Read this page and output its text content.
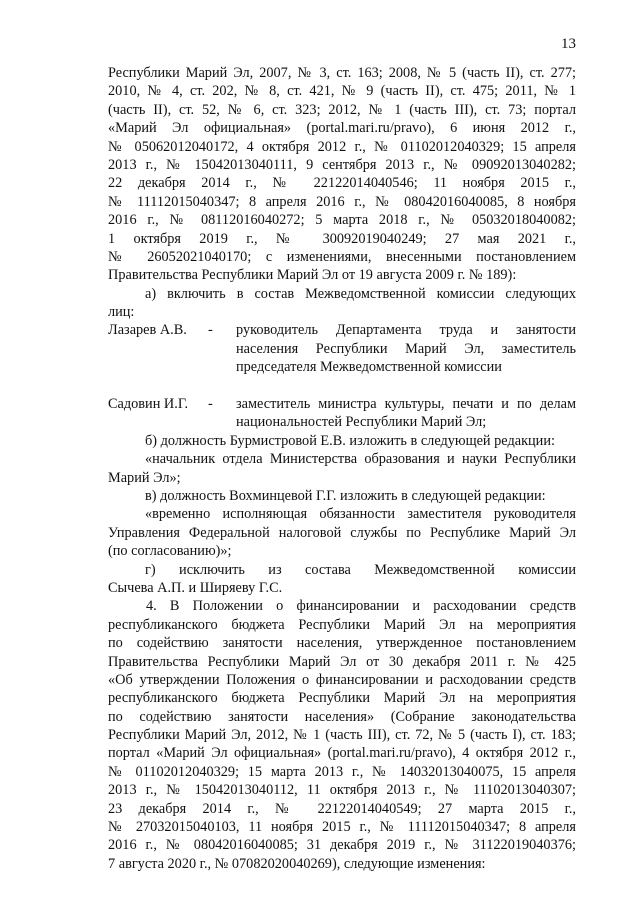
13
Республики Марий Эл, 2007, № 3, ст. 163; 2008, № 5 (часть II), ст. 277;
2010, № 4, ст. 202, № 8, ст. 421, № 9 (часть II), ст. 475; 2011, № 1
(часть II), ст. 52, № 6, ст. 323; 2012, № 1 (часть III), ст. 73; портал
«Марий Эл официальная» (portal.mari.ru/pravo), 6 июня 2012 г.,
№ 05062012040172, 4 октября 2012 г., № 01102012040329; 15 апреля
2013 г., № 15042013040111, 9 сентября 2013 г., № 09092013040282;
22 декабря 2014 г., № 22122014040546; 11 ноября 2015 г.,
№ 11112015040347; 8 апреля 2016 г., № 08042016040085, 8 ноября
2016 г., № 08112016040272; 5 марта 2018 г., № 05032018040082;
1 октября 2019 г., № 30092019040249; 27 мая 2021 г.,
№ 26052021040170; с изменениями, внесенными постановлением
Правительства Республики Марий Эл от 19 августа 2009 г. № 189):
а) включить в состав Межведомственной комиссии следующих
лиц:
Лазарев А.В.	-	руководитель Департамента труда и занятости
населения Республики Марий Эл, заместитель
председателя Межведомственной комиссии
Садовин И.Г.	-	заместитель министра культуры, печати и по делам
национальностей Республики Марий Эл;
б) должность Бурмистровой Е.В. изложить в следующей редакции:
«начальник отдела Министерства образования и науки Республики
Марий Эл»;
в) должность Вохминцевой Г.Г. изложить в следующей редакции:
«временно исполняющая обязанности заместителя руководителя
Управления Федеральной налоговой службы по Республике Марий Эл
(по согласованию)»;
г) исключить из состава Межведомственной комиссии
Сычева А.П. и Ширяеву Г.С.
4. В Положении о финансировании и расходовании средств
республиканского бюджета Республики Марий Эл на мероприятия
по содействию занятости населения, утвержденное постановлением
Правительства Республики Марий Эл от 30 декабря 2011 г. № 425
«Об утверждении Положения о финансировании и расходовании средств
республиканского бюджета Республики Марий Эл на мероприятия
по содействию занятости населения» (Собрание законодательства
Республики Марий Эл, 2012, № 1 (часть III), ст. 72, № 5 (часть I), ст. 183;
портал «Марий Эл официальная» (portal.mari.ru/pravo), 4 октября 2012 г.,
№ 01102012040329; 15 марта 2013 г., № 14032013040075, 15 апреля
2013 г., № 15042013040112, 11 октября 2013 г., № 11102013040307;
23 декабря 2014 г., № 22122014040549; 27 марта 2015 г.,
№ 27032015040103, 11 ноября 2015 г., № 11112015040347; 8 апреля
2016 г., № 08042016040085; 31 декабря 2019 г., № 31122019040376;
7 августа 2020 г., № 07082020040269), следующие изменения:
